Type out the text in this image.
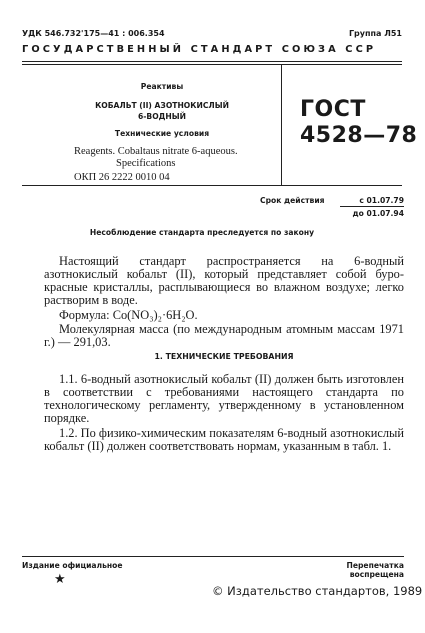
УДК 546.732'175—41 : 006.354	Группа Л51
ГОСУДАРСТВЕННЫЙ СТАНДАРТ СОЮЗА ССР
Реактивы
КОБАЛЬТ (II) АЗОТНОКИСЛЫЙ
6-ВОДНЫЙ
Технические условия
Reagents. Cobaltaus nitrate 6-aqueous.
Specifications
ОКП 26 2222 0010 04
ГОСТ
4528—78
Срок действия	с 01.07.79
до 01.07.94
Несоблюдение стандарта преследуется по закону
Настоящий стандарт распространяется на 6-водный азотнокислый кобальт (II), который представляет собой буро-красные кристаллы, расплывающиеся во влажном воздухе; легко растворим в воде.
Формула: Co(NO₃)₂·6H₂O.
Молекулярная масса (по международным атомным массам 1971 г.) — 291,03.
1. ТЕХНИЧЕСКИЕ ТРЕБОВАНИЯ
1.1. 6-водный азотнокислый кобальт (II) должен быть изготовлен в соответствии с требованиями настоящего стандарта по технологическому регламенту, утвержденному в установленном порядке.
1.2. По физико-химическим показателям 6-водный азотнокислый кобальт (II) должен соответствовать нормам, указанным в табл. 1.
Издание официальное
★
Перепечатка воспрещена
© Издательство стандартов, 1989
